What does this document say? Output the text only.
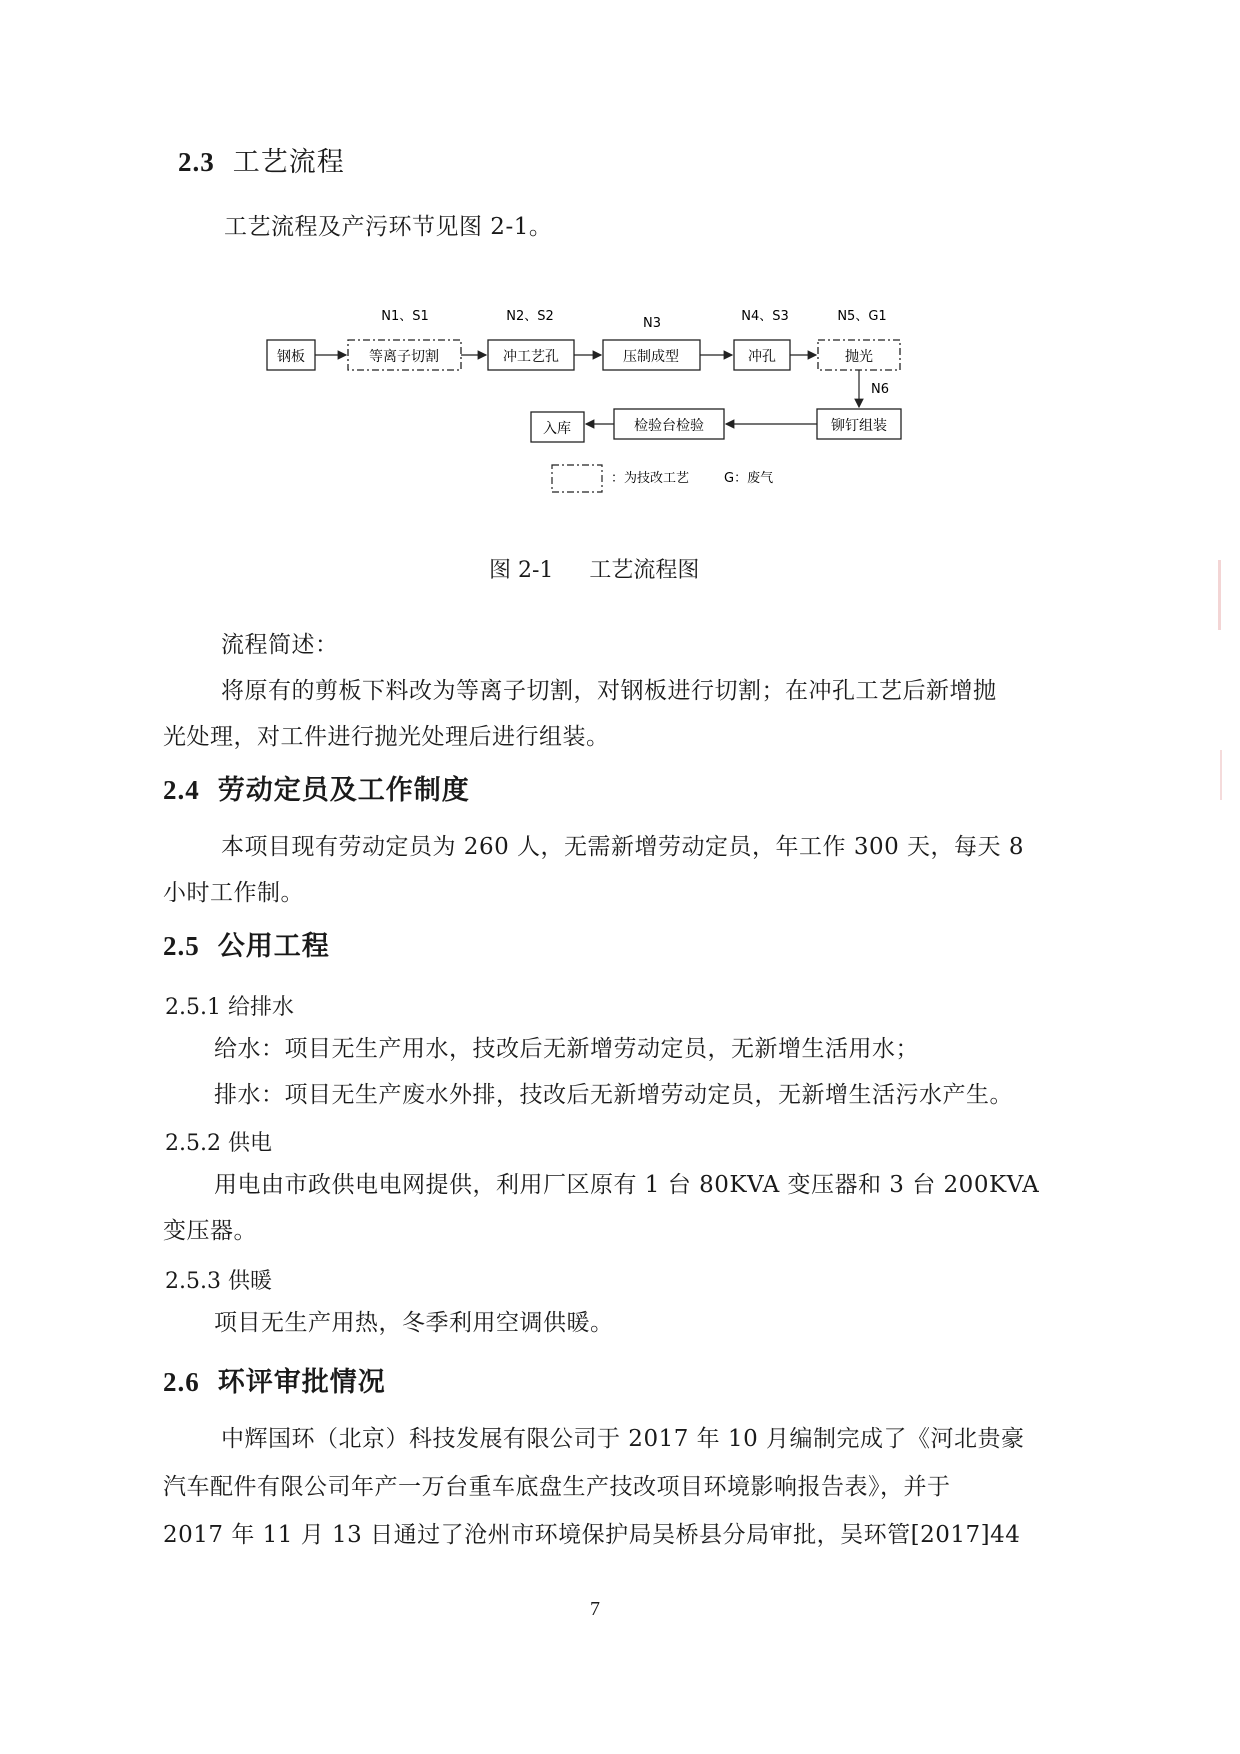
2.3 工艺流程
工艺流程及产污环节见图 2-1。
N1、S1	N2、S2	N3	N4、S3	N5、G1
钢板	等离子切割	冲工艺孔	压制成型	冲孔	抛光
N6
铆钉组装
检验台检验
入库
：为技改工艺	G：废气
图 2-1 工艺流程图
流程简述：
将原有的剪板下料改为等离子切割，对钢板进行切割；在冲孔工艺后新增抛
光处理，对工件进行抛光处理后进行组装。
2.4 劳动定员及工作制度
本项目现有劳动定员为 260 人，无需新增劳动定员，年工作 300 天，每天 8
小时工作制。
2.5 公用工程
2.5.1 给排水
给水：项目无生产用水，技改后无新增劳动定员，无新增生活用水；
排水：项目无生产废水外排，技改后无新增劳动定员，无新增生活污水产生。
2.5.2 供电
用电由市政供电电网提供，利用厂区原有 1 台 80KVA 变压器和 3 台 200KVA
变压器。
2.5.3 供暖
项目无生产用热，冬季利用空调供暖。
2.6 环评审批情况
中辉国环（北京）科技发展有限公司于 2017 年 10 月编制完成了《河北贵豪
汽车配件有限公司年产一万台重车底盘生产技改项目环境影响报告表》，并于
2017 年 11 月 13 日通过了沧州市环境保护局吴桥县分局审批，吴环管[2017]44
7
